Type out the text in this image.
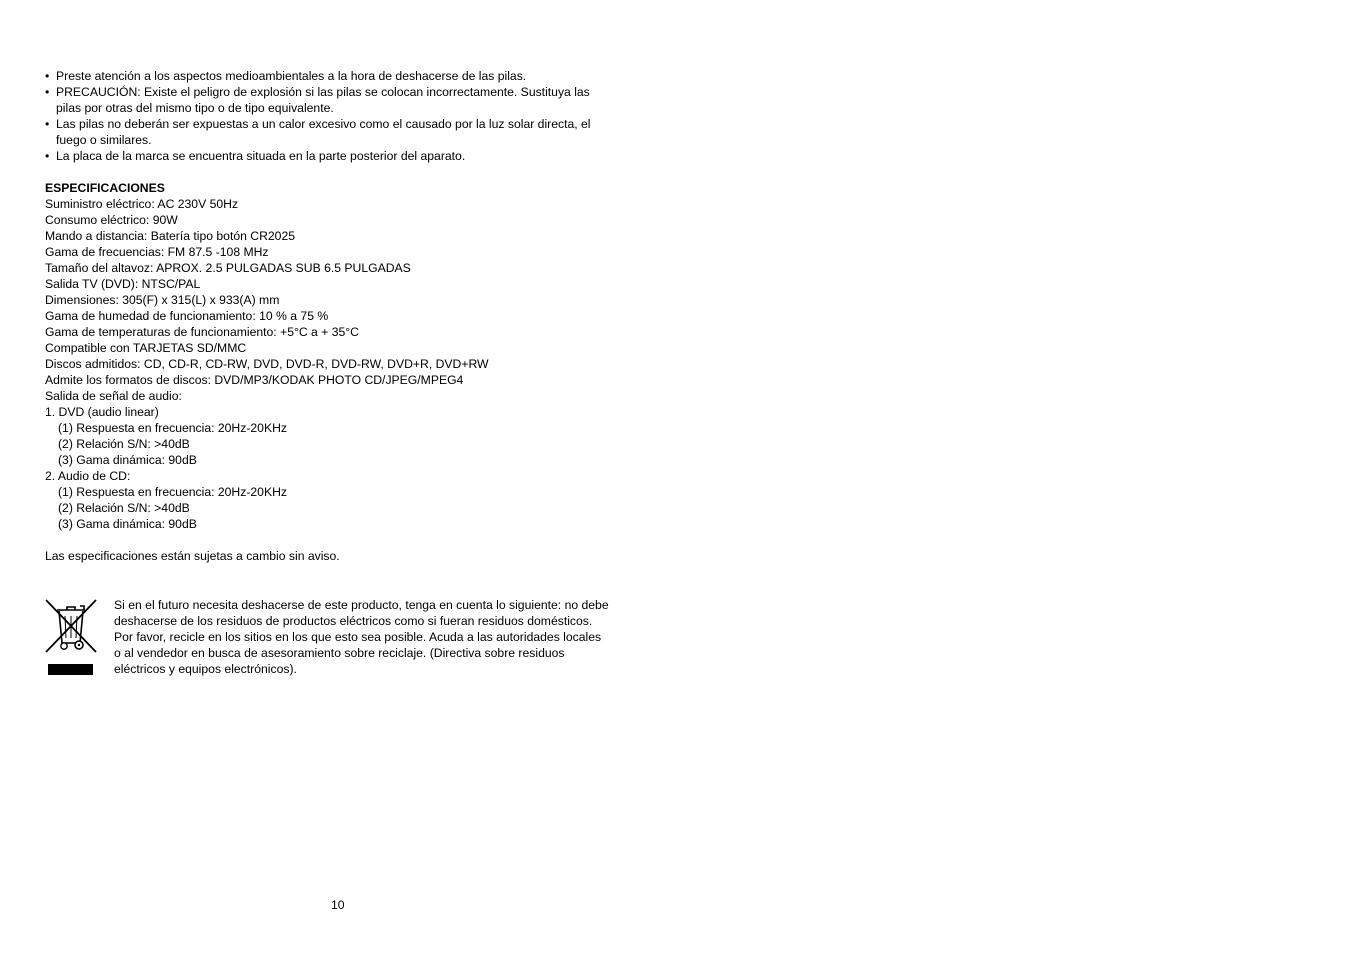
• Preste atención a los aspectos medioambientales a la hora de deshacerse de las pilas.
• PRECAUCIÓN: Existe el peligro de explosión si las pilas se colocan incorrectamente. Sustituya las
pilas por otras del mismo tipo o de tipo equivalente.
• Las pilas no deberán ser expuestas a un calor excesivo como el causado por la luz solar directa, el
fuego o similares.
• La placa de la marca se encuentra situada en la parte posterior del aparato.
ESPECIFICACIONES
Suministro eléctrico: AC 230V 50Hz
Consumo eléctrico: 90W
Mando a distancia: Batería tipo botón CR2025
Gama de frecuencias: FM 87.5 -108 MHz
Tamaño del altavoz: APROX. 2.5 PULGADAS SUB 6.5 PULGADAS
Salida TV (DVD): NTSC/PAL
Dimensiones: 305(F) x 315(L) x 933(A) mm
Gama de humedad de funcionamiento: 10 % a 75 %
Gama de temperaturas de funcionamiento: +5°C a + 35°C
Compatible con TARJETAS SD/MMC
Discos admitidos: CD, CD-R, CD-RW, DVD, DVD-R, DVD-RW, DVD+R, DVD+RW
Admite los formatos de discos: DVD/MP3/KODAK PHOTO CD/JPEG/MPEG4
Salida de señal de audio:
1. DVD (audio linear)
(1) Respuesta en frecuencia: 20Hz-20KHz
(2) Relación S/N: >40dB
(3) Gama dinámica: 90dB
2. Audio de CD:
(1) Respuesta en frecuencia: 20Hz-20KHz
(2) Relación S/N: >40dB
(3) Gama dinámica: 90dB
Las especificaciones están sujetas a cambio sin aviso.
Si en el futuro necesita deshacerse de este producto, tenga en cuenta lo siguiente: no debe
deshacerse de los residuos de productos eléctricos como si fueran residuos domésticos.
Por favor, recicle en los sitios en los que esto sea posible. Acuda a las autoridades locales
o al vendedor en busca de asesoramiento sobre reciclaje. (Directiva sobre residuos
eléctricos y equipos electrónicos).
10
